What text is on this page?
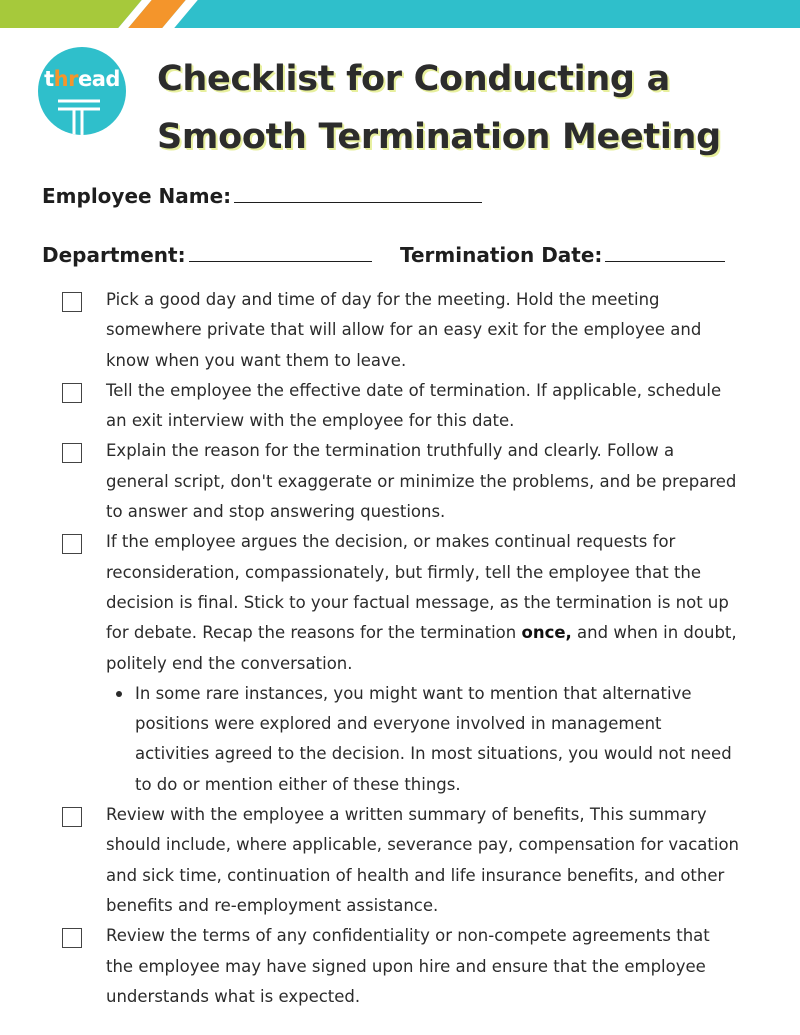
thread Checklist for Conducting a
Smooth Termination Meeting
Employee Name:
Department:	Termination Date:

Pick a good day and time of day for the meeting. Hold the meeting somewhere private that will allow for an easy exit for the employee and know when you want them to leave.

Tell the employee the effective date of termination. If applicable, schedule an exit interview with the employee for this date.

Explain the reason for the termination truthfully and clearly. Follow a general script, don't exaggerate or minimize the problems, and be prepared to answer and stop answering questions.

If the employee argues the decision, or makes continual requests for reconsideration, compassionately, but firmly, tell the employee that the decision is final. Stick to your factual message, as the termination is not up for debate. Recap the reasons for the termination once, and when in doubt, politely end the conversation.

In some rare instances, you might want to mention that alternative positions were explored and everyone involved in management activities agreed to the decision. In most situations, you would not need to do or mention either of these things.

Review with the employee a written summary of benefits, This summary should include, where applicable, severance pay, compensation for vacation and sick time, continuation of health and life insurance benefits, and other benefits and re-employment assistance.

Review the terms of any confidentiality or non-compete agreements that the employee may have signed upon hire and ensure that the employee understands what is expected.
